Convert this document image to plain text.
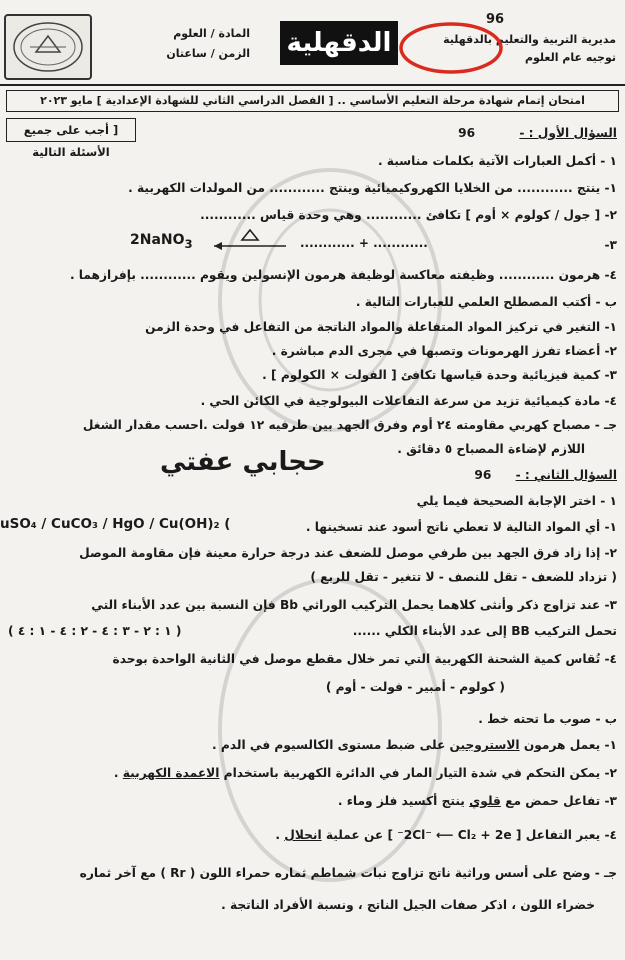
المادة / العلوم
الزمن / ساعتان الدقهلية
96
مديرية التربية والتعليم بالدقهلية
توجيه عام العلوم
امتحان إتمام شهادة مرحلة التعليم الأساسي .. [ الفصل الدراسي الثاني للشهادة الإعدادية ] مايو ٢٠٢٣
[ أجب على جميع الأسئلة التالية
السؤال الأول : - 96
١ - أكمل العبارات الآتية بكلمات مناسبة .
١- ينتج ............ من الخلايا الكهروكيميائية وينتج ............ من المولدات الكهربية .
٢- [ جول / كولوم × أوم ] تكافئ ............ وهي وحدة قياس ............
٣-
2NaNO$_3$	............ + ............
٤- هرمون ............ وظيفته معاكسة لوظيفة هرمون الإنسولين ويقوم ............ بإفرازهما .
ب - أكتب المصطلح العلمي للعبارات التالية .
١- التغير في تركيز المواد المتفاعلة والمواد الناتجة من التفاعل في وحدة الزمن
٢- أعضاء تفرز الهرمونات وتصبها في مجرى الدم مباشرة .
٣- كمية فيزيائية وحدة قياسها تكافئ [ الفولت × الكولوم ] .
٤- مادة كيميائية تزيد من سرعة التفاعلات البيولوجية في الكائن الحي .
جـ - مصباح كهربي مقاومته ٢٤ أوم وفرق الجهد بين طرفيه ١٢ فولت .احسب مقدار الشغل
اللازم لإضاءة المصباح ٥ دقائق .
حجابي عفتي	السؤال الثاني : - 96
١ - اختر الإجابة الصحيحة فيما يلي
١- أي المواد التالية لا تعطي ناتج أسود عند تسخينها .
uSO₄ / CuCO₃ / HgO / Cu(OH)₂ (
٢- إذا زاد فرق الجهد بين طرفي موصل للضعف عند درجة حرارة معينة فإن مقاومة الموصل
( تزداد للضعف - تقل للنصف - لا تتغير - تقل للربع )
٣- عند تزاوج ذكر وأنثى كلاهما يحمل التركيب الوراثي Bb فإن النسبة بين عدد الأبناء التي
تحمل التركيب BB إلى عدد الأبناء الكلي ......
( ١ : ٢ - ٣ : ٤ - ٢ : ٤ - ١ : ٤ )
٤- تُقاس كمية الشحنة الكهربية التي تمر خلال مقطع موصل في الثانية الواحدة بوحدة
( كولوم - أمبير - فولت - أوم )
ب - صوب ما تحته خط .
١- يعمل هرمون الاستروجين على ضبط مستوى الكالسيوم في الدم .
٢- يمكن التحكم في شدة التيار المار في الدائرة الكهربية باستخدام الاعمدة الكهربية .
٣- تفاعل حمض مع قلوي ينتج أكسيد فلز وماء .
٤- يعبر التفاعل [ 2Cl⁻ ⟵ Cl₂ + 2e⁻ ] عن عملية انحلال .
جـ - وضح على أسس وراثية ناتج تزاوج نبات شماطم ثماره حمراء اللون ( Rr ) مع آخر ثماره
خضراء اللون ، اذكر صفات الجيل الناتج ، ونسبة الأفراد الناتجة .
